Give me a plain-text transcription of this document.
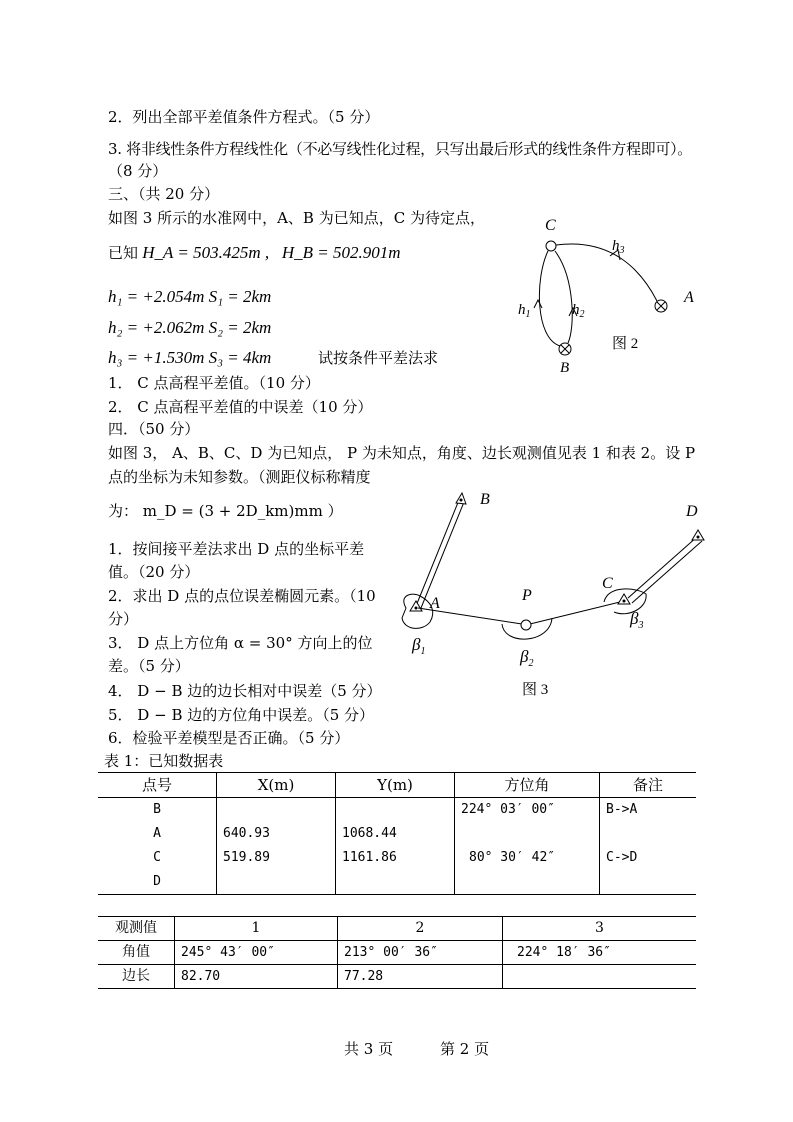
2．列出全部平差值条件方程式。（5 分）
3. 将非线性条件方程线性化（不必写线性化过程，只写出最后形式的线性条件方程即可）。
（8 分）
三、（共 20 分）
如图 3 所示的水准网中，A、B 为已知点，C 为待定点，
已知 H_A = 503.425m , H_B = 502.901m
h₁ = +2.054m S₁ = 2km
h₂ = +2.062m S₂ = 2km
h₃ = +1.530m S₃ = 4km	试按条件平差法求
1． C 点高程平差值。（10 分）
2． C 点高程平差值的中误差（10 分）
C
A
B
$h_1$	$h_2$
$h_3$
图 2
四．（50 分）
如图 3， A、B、C、D 为已知点， P 为未知点，角度、边长观测值见表 1 和表 2。设 P
点的坐标为未知参数。（测距仪标称精度
为： m_D = (3 + 2D_km)mm ）
1．按间接平差法求出 D 点的坐标平差
值。（20 分）
2．求出 D 点的点位误差椭圆元素。（10
分）
3． D 点上方位角 α = 30° 方向上的位
差。（5 分）
4． D − B 边的边长相对中误差（5 分）
5． D − B 边的方位角中误差。（5 分）
6．检验平差模型是否正确。（5 分）
B
A
$\beta_1$
P
$\beta_2$
C
$\beta_3$
D
图 3
表 1：已知数据表
点号	X(m)	Y(m)	方位角	备注
B			224° 03′ 00″	B->A
A	640.93	1068.44		
C	519.89	1161.86	80° 30′ 42″	C->D
D				
观测值	1	2	3
角值	245° 43′ 00″	213° 00′ 36″	224° 18′ 36″
边长	82.70	77.28	
共 3 页	第 2 页
